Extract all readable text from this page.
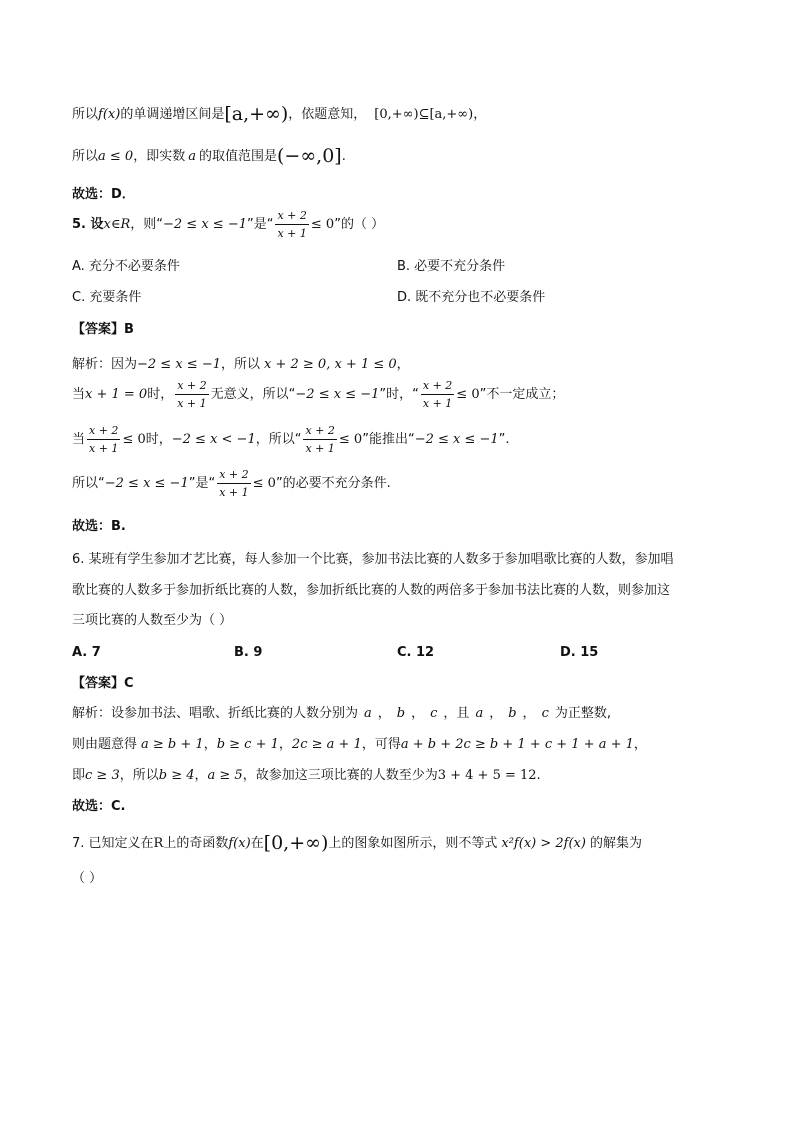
所以f(x)的单调递增区间是[a,+∞)，依题意知， [0,+∞)⊆[a,+∞)，
所以a ≤ 0，即实数 a 的取值范围是(−∞,0].
故选：D．
5. 设x∈R，则“−2 ≤ x ≤ −1”是“ $\frac{x + 2}{x + 1} \le 0$”的（ ）
A. 充分不必要条件	B. 必要不充分条件
C. 充要条件	D. 既不充分也不必要条件
【答案】B
解析：因为−2 ≤ x ≤ −1，所以 x + 2 ≥ 0, x + 1 ≤ 0，
当x + 1 = 0时， $\frac{x + 2}{x + 1}$ 无意义，所以“−2 ≤ x ≤ −1”时，“ $\frac{x + 2}{x + 1} \le 0$”不一定成立；
当 $\frac{x + 2}{x + 1} \le 0$时，−2 ≤ x < −1，所以“ $\frac{x + 2}{x + 1} \le 0$”能推出“−2 ≤ x ≤ −1”.
所以“−2 ≤ x ≤ −1”是“ $\frac{x + 2}{x + 1} \le 0$”的必要不充分条件.
故选：B.
6. 某班有学生参加才艺比赛，每人参加一个比赛，参加书法比赛的人数多于参加唱歌比赛的人数，参加唱
歌比赛的人数多于参加折纸比赛的人数，参加折纸比赛的人数的两倍多于参加书法比赛的人数，则参加这
三项比赛的人数至少为（ ）
A. 7	B. 9	C. 12	D. 15
【答案】C
解析：设参加书法、唱歌、折纸比赛的人数分别为 a ， b ， c ，且 a ， b ， c 为正整数,
则由题意得 a ≥ b + 1，b ≥ c + 1，2c ≥ a + 1，可得a + b + 2c ≥ b + 1 + c + 1 + a + 1，
即c ≥ 3，所以b ≥ 4，a ≥ 5，故参加这三项比赛的人数至少为3 + 4 + 5 = 12.
故选：C.
7. 已知定义在R上的奇函数f(x)在[0,+∞)上的图象如图所示，则不等式 x²f(x) > 2f(x) 的解集为
（ ）
